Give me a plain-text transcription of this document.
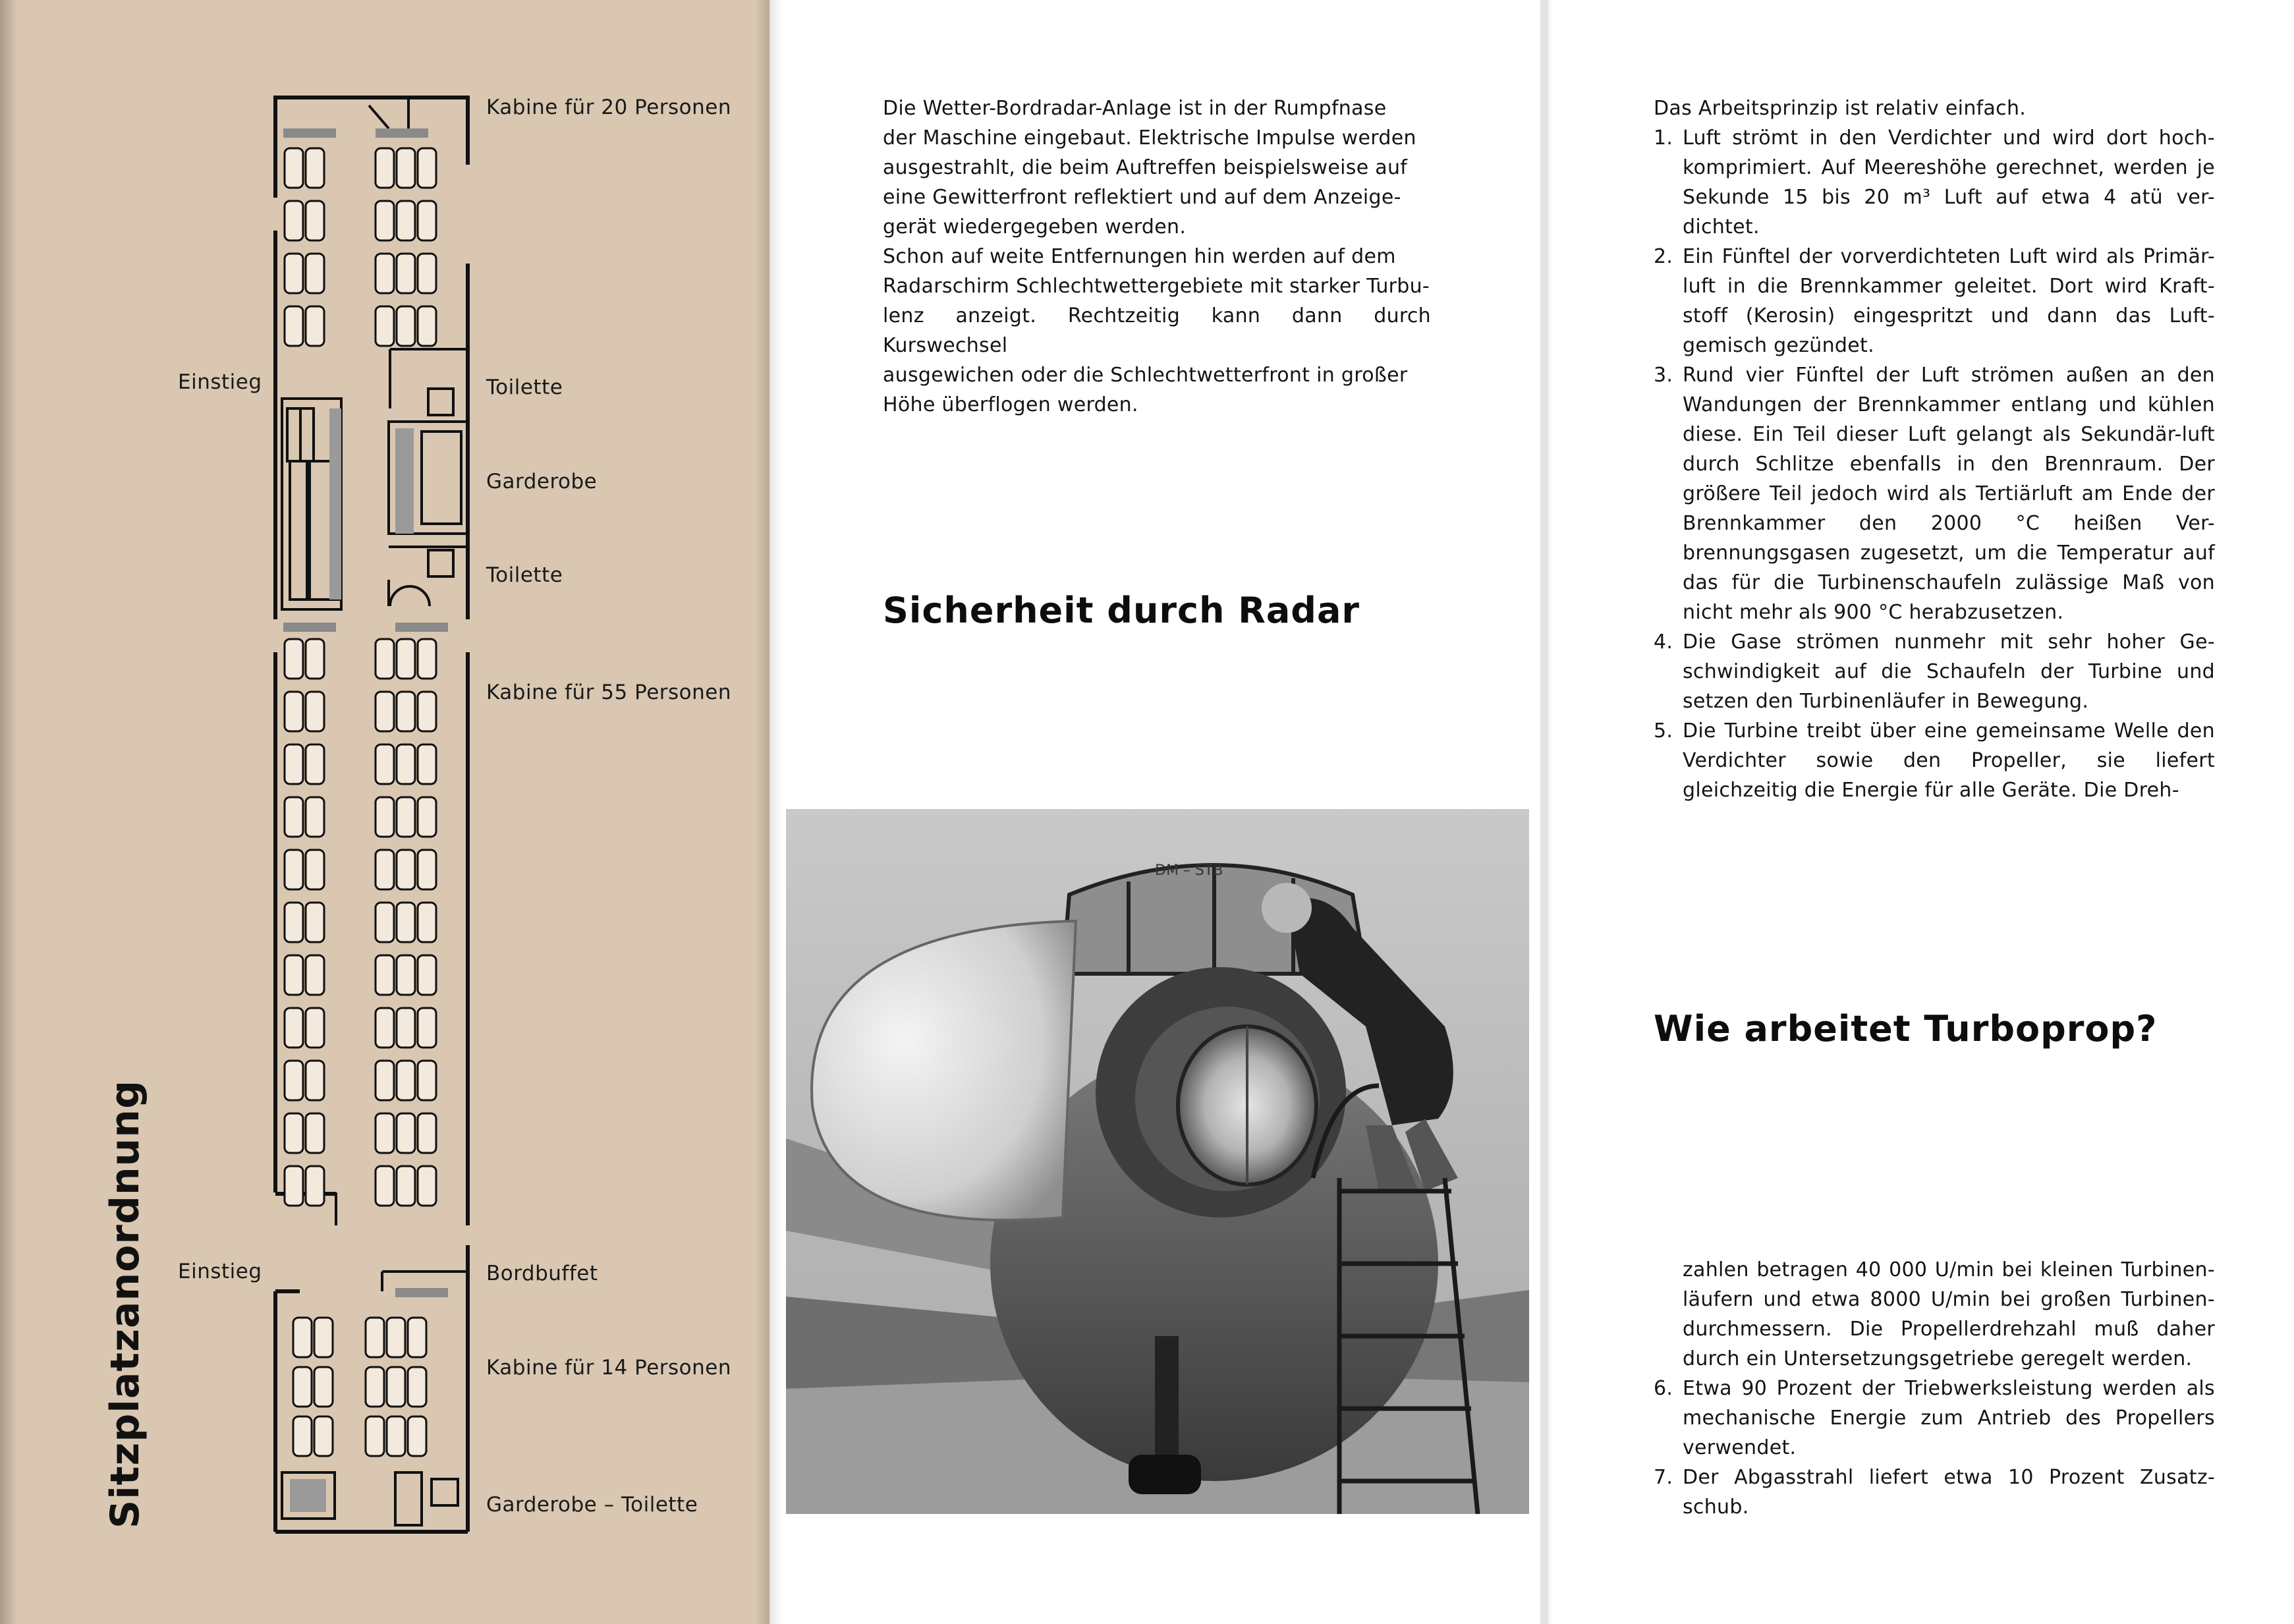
Sitzplatzanordnung
Kabine für 20 Personen
Einstieg	Toilette
Garderobe
Toilette
Kabine für 55 Personen
Einstieg	Bordbuffet
Kabine für 14 Personen
Garderobe – Toilette

Die Wetter-Bordradar-Anlage ist in der Rumpfnase

der Maschine eingebaut. Elektrische Impulse werden

ausgestrahlt, die beim Auftreffen beispielsweise auf

eine Gewitterfront reflektiert und auf dem Anzeige-

gerät wiedergegeben werden.

Schon auf weite Entfernungen hin werden auf dem

Radarschirm Schlechtwettergebiete mit starker Turbu-

lenz anzeigt. Rechtzeitig kann dann durch Kurswechsel

ausgewichen oder die Schlechtwetterfront in großer

Höhe überflogen werden.

Sicherheit durch Radar
DM – STB

Das Arbeitsprinzip ist relativ einfach.

1. Luft strömt in den Verdichter und wird dort hoch-komprimiert. Auf Meereshöhe gerechnet, werden je Sekunde 15 bis 20 m³ Luft auf etwa 4 atü ver-dichtet.
2. Ein Fünftel der vorverdichteten Luft wird als Primär-luft in die Brennkammer geleitet. Dort wird Kraft-stoff (Kerosin) eingespritzt und dann das Luft-gemisch gezündet.
3. Rund vier Fünftel der Luft strömen außen an den Wandungen der Brennkammer entlang und kühlen diese. Ein Teil dieser Luft gelangt als Sekundär-luft durch Schlitze ebenfalls in den Brennraum. Der größere Teil jedoch wird als Tertiärluft am Ende der Brennkammer den 2000 °C heißen Ver-brennungsgasen zugesetzt, um die Temperatur auf das für die Turbinenschaufeln zulässige Maß von nicht mehr als 900 °C herabzusetzen.
4. Die Gase strömen nunmehr mit sehr hoher Ge-schwindigkeit auf die Schaufeln der Turbine und setzen den Turbinenläufer in Bewegung.
5. Die Turbine treibt über eine gemeinsame Welle den Verdichter sowie den Propeller, sie liefert gleichzeitig die Energie für alle Geräte. Die Dreh-
Wie arbeitet Turboprop?

zahlen betragen 40 000 U/min bei kleinen Turbinen-läufern und etwa 8000 U/min bei großen Turbinen-durchmessern. Die Propellerdrehzahl muß daher durch ein Untersetzungsgetriebe geregelt werden.

6. Etwa 90 Prozent der Triebwerksleistung werden als mechanische Energie zum Antrieb des Propellers verwendet.
7. Der Abgasstrahl liefert etwa 10 Prozent Zusatz-schub.
